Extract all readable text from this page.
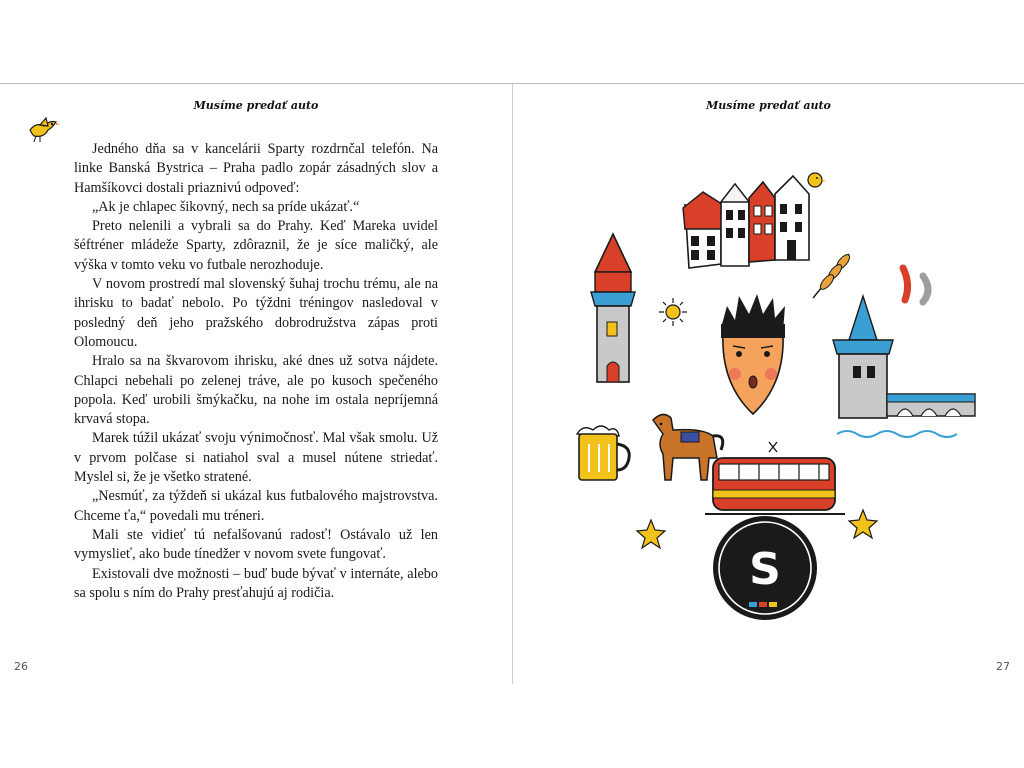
Musíme predať auto

Jedného dňa sa v kancelárii Sparty rozdrnčal telefón. Na linke Banská Bystrica – Praha padlo zopár zásadných slov a Hamšíkovci dostali priaznivú odpoveď:

„Ak je chlapec šikovný, nech sa príde ukázať.“

Preto nelenili a vybrali sa do Prahy. Keď Mareka uvidel šéftréner mládeže Sparty, zdôraznil, že je síce maličký, ale výška v tomto veku vo futbale nerozhoduje.

V novom prostredí mal slovenský šuhaj trochu trému, ale na ihrisku to badať nebolo. Po týždni tréningov nasledoval v posledný deň jeho pražského dobrodružstva zápas proti Olomoucu.

Hralo sa na škvarovom ihrisku, aké dnes už sotva nájdete. Chlapci nebehali po zelenej tráve, ale po kusoch spečeného popola. Keď urobili šmýkačku, na nohe im ostala nepríjemná krvavá stopa.

Marek túžil ukázať svoju výnimočnosť. Mal však smolu. Už v prvom polčase si natiahol sval a musel nútene striedať. Myslel si, že je všetko stratené.

„Nesmúť, za týždeň si ukázal kus futbalového majstrovstva. Chceme ťa,“ povedali mu tréneri.

Mali ste vidieť tú nefalšovanú radosť! Ostávalo už len vymyslieť, ako bude tínedžer v novom svete fungovať.

Existovali dve možnosti – buď bude bývať v internáte, alebo sa spolu s ním do Prahy presťahujú aj rodičia.

26
Musíme predať auto
S
27
